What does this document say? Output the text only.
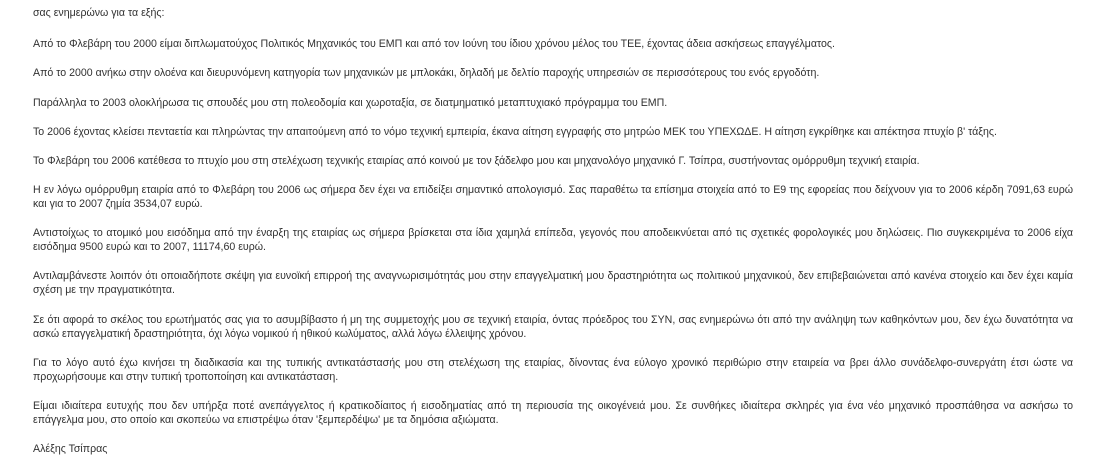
σας ενημερώνω για τα εξής:

Από το Φλεβάρη του 2000 είμαι διπλωματούχος Πολιτικός Μηχανικός του ΕΜΠ και από τον Ιούνη του ίδιου χρόνου μέλος του ΤΕΕ, έχοντας άδεια ασκήσεως επαγγέλματος.

Από το 2000 ανήκω στην ολοένα και διευρυνόμενη κατηγορία των μηχανικών με μπλοκάκι, δηλαδή με δελτίο παροχής υπηρεσιών σε περισσότερους του ενός εργοδότη.

Παράλληλα το 2003 ολοκλήρωσα τις σπουδές μου στη πολεοδομία και χωροταξία, σε διατμηματικό μεταπτυχιακό πρόγραμμα του ΕΜΠ.

Το 2006 έχοντας κλείσει πενταετία και πληρώντας την απαιτούμενη από το νόμο τεχνική εμπειρία, έκανα αίτηση εγγραφής στο μητρώο ΜΕΚ του ΥΠΕΧΩΔΕ. Η αίτηση εγκρίθηκε και απέκτησα πτυχίο β' τάξης.

Το Φλεβάρη του 2006 κατέθεσα το πτυχίο μου στη στελέχωση τεχνικής εταιρίας από κοινού με τον ξάδελφο μου και μηχανολόγο μηχανικό Γ. Τσίπρα, συστήνοντας ομόρρυθμη τεχνική εταιρία.

Η εν λόγω ομόρρυθμη εταιρία από το Φλεβάρη του 2006 ως σήμερα δεν έχει να επιδείξει σημαντικό απολογισμό. Σας παραθέτω τα επίσημα στοιχεία από το Ε9 της εφορείας που δείχνουν για το 2006 κέρδη 7091,63 ευρώ και για το 2007 ζημία 3534,07 ευρώ.

Αντιστοίχως το ατομικό μου εισόδημα από την έναρξη της εταιρίας ως σήμερα βρίσκεται στα ίδια χαμηλά επίπεδα, γεγονός που αποδεικνύεται από τις σχετικές φορολογικές μου δηλώσεις. Πιο συγκεκριμένα το 2006 είχα εισόδημα 9500 ευρώ και το 2007, 11174,60 ευρώ.

Αντιλαμβάνεστε λοιπόν ότι οποιαδήποτε σκέψη για ευνοϊκή επιρροή της αναγνωρισιμότητάς μου στην επαγγελματική μου δραστηριότητα ως πολιτικού μηχανικού, δεν επιβεβαιώνεται από κανένα στοιχείο και δεν έχει καμία σχέση με την πραγματικότητα.

Σε ότι αφορά το σκέλος του ερωτήματός σας για το ασυμβίβαστο ή μη της συμμετοχής μου σε τεχνική εταιρία, όντας πρόεδρος του ΣΥΝ, σας ενημερώνω ότι από την ανάληψη των καθηκόντων μου, δεν έχω δυνατότητα να ασκώ επαγγελματική δραστηριότητα, όχι λόγω νομικού ή ηθικού κωλύματος, αλλά λόγω έλλειψης χρόνου.

Για το λόγο αυτό έχω κινήσει τη διαδικασία και της τυπικής αντικατάστασής μου στη στελέχωση της εταιρίας, δίνοντας ένα εύλογο χρονικό περιθώριο στην εταιρεία να βρει άλλο συνάδελφο-συνεργάτη έτσι ώστε να προχωρήσουμε και στην τυπική τροποποίηση και αντικατάσταση.

Είμαι ιδιαίτερα ευτυχής που δεν υπήρξα ποτέ ανεπάγγελτος ή κρατικοδίαιτος ή εισοδηματίας από τη περιουσία της οικογένειά μου. Σε συνθήκες ιδιαίτερα σκληρές για ένα νέο μηχανικό προσπάθησα να ασκήσω το επάγγελμα μου, στο οποίο και σκοπεύω να επιστρέψω όταν 'ξεμπερδέψω' με τα δημόσια αξιώματα.

Αλέξης Τσίπρας
